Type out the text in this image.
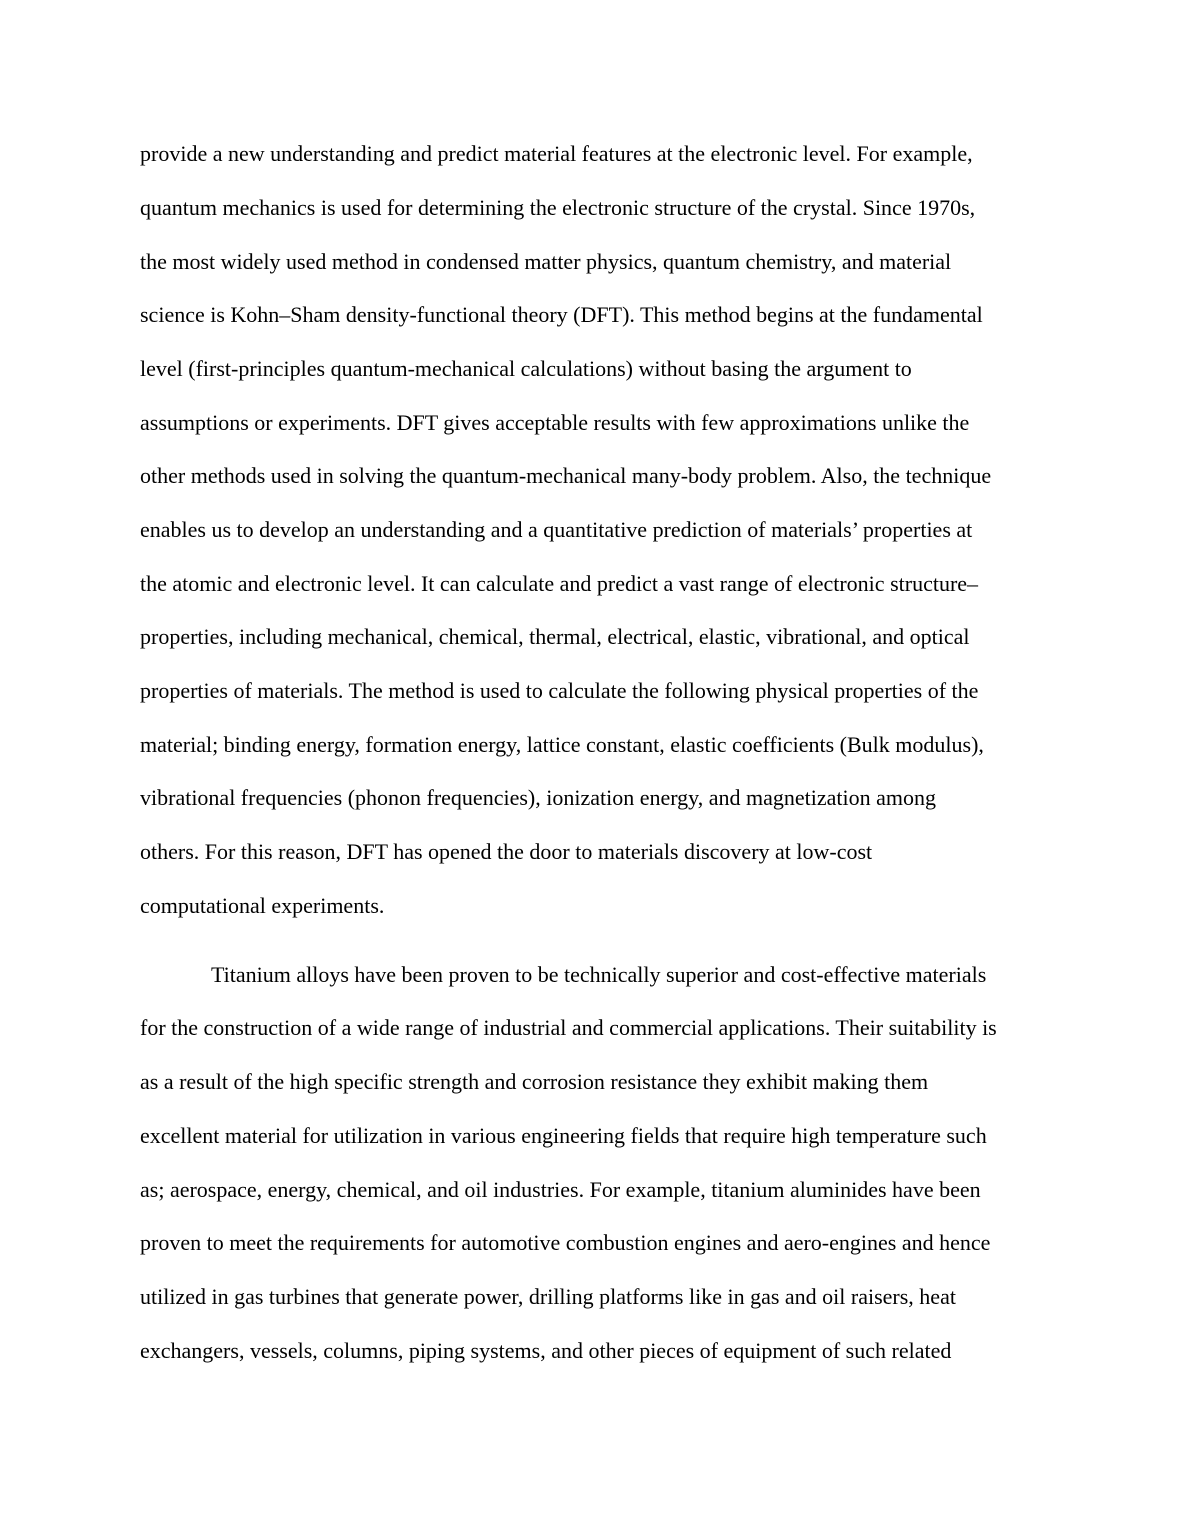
provide a new understanding and predict material features at the electronic level. For example,

quantum mechanics is used for determining the electronic structure of the crystal. Since 1970s,

the most widely used method in condensed matter physics, quantum chemistry, and material

science is Kohn–Sham density-functional theory (DFT). This method begins at the fundamental

level (first-principles quantum-mechanical calculations) without basing the argument to

assumptions or experiments. DFT gives acceptable results with few approximations unlike the

other methods used in solving the quantum-mechanical many-body problem. Also, the technique

enables us to develop an understanding and a quantitative prediction of materials’ properties at

the atomic and electronic level. It can calculate and predict a vast range of electronic structure–

properties, including mechanical, chemical, thermal, electrical, elastic, vibrational, and optical

properties of materials. The method is used to calculate the following physical properties of the

material; binding energy, formation energy, lattice constant, elastic coefficients (Bulk modulus),

vibrational frequencies (phonon frequencies), ionization energy, and magnetization among

others. For this reason, DFT has opened the door to materials discovery at low-cost

computational experiments.

Titanium alloys have been proven to be technically superior and cost-effective materials

for the construction of a wide range of industrial and commercial applications. Their suitability is

as a result of the high specific strength and corrosion resistance they exhibit making them

excellent material for utilization in various engineering fields that require high temperature such

as; aerospace, energy, chemical, and oil industries. For example, titanium aluminides have been

proven to meet the requirements for automotive combustion engines and aero-engines and hence

utilized in gas turbines that generate power, drilling platforms like in gas and oil raisers, heat

exchangers, vessels, columns, piping systems, and other pieces of equipment of such related
